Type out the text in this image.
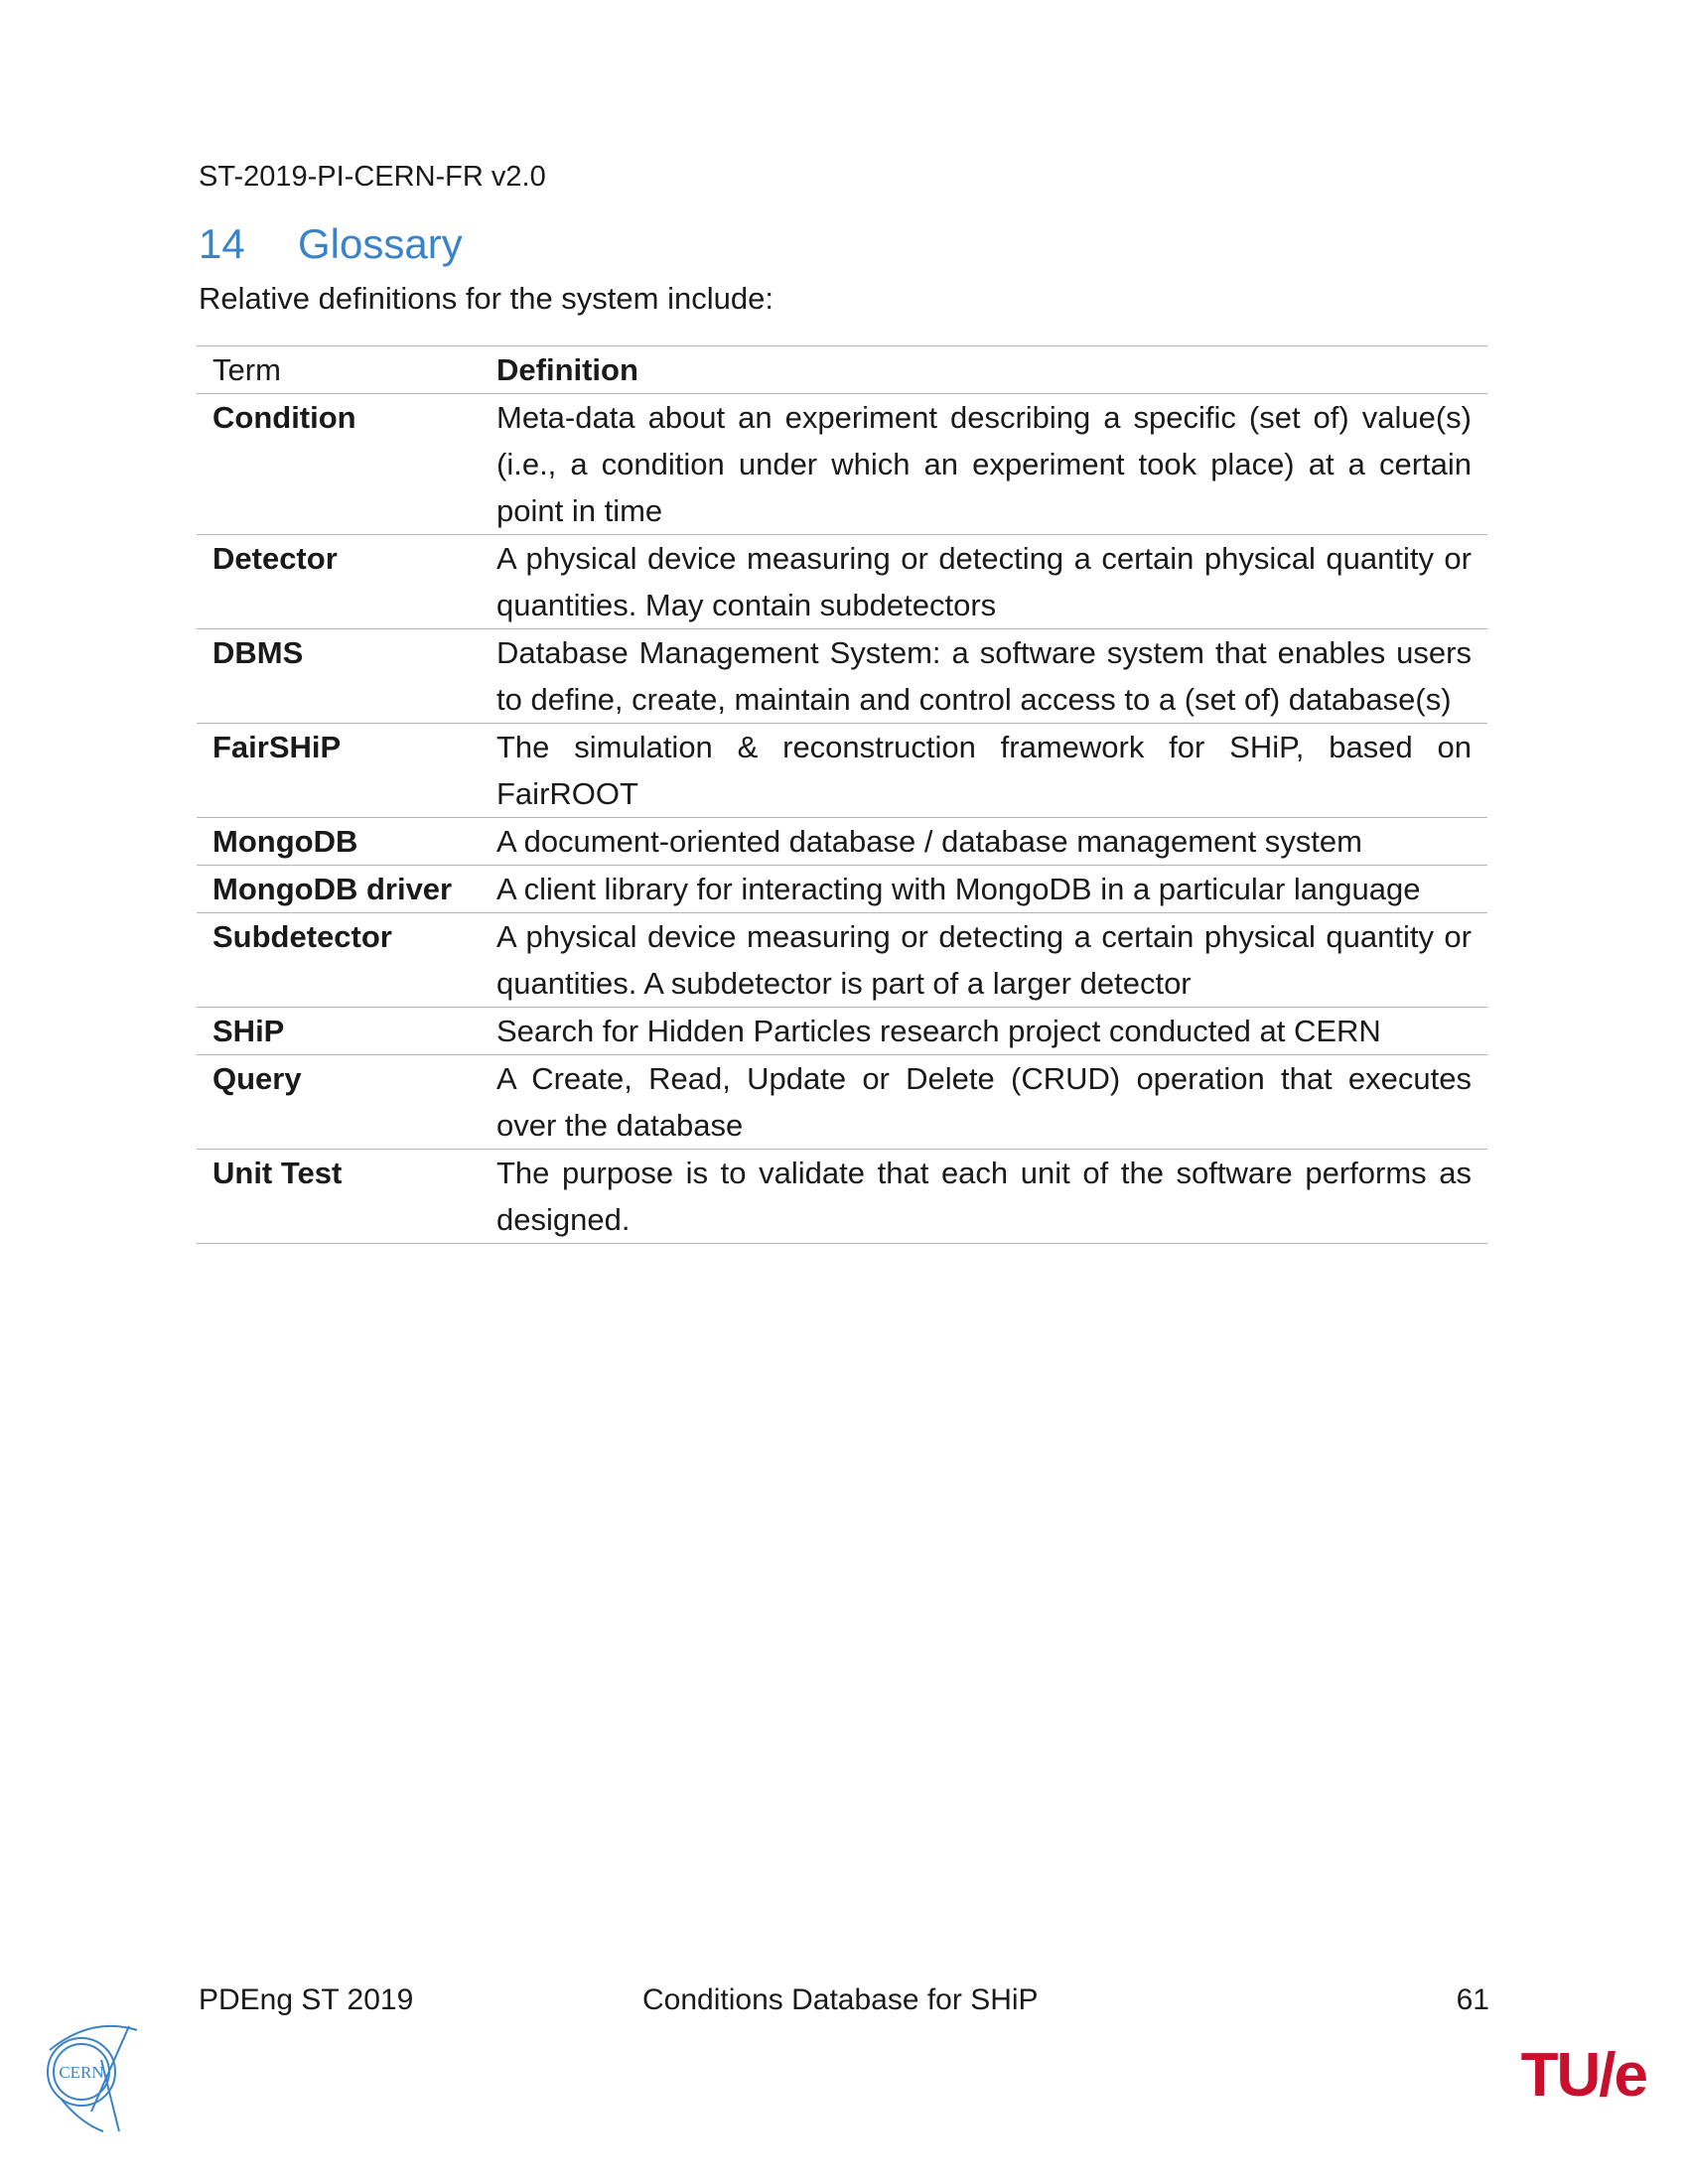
ST-2019-PI-CERN-FR v2.0
14 Glossary
Relative definitions for the system include:
Term	Definition
Condition	Meta-data about an experiment describing a specific (set of) value(s) (i.e., a condition under which an experiment took place) at a certain point in time
Detector	A physical device measuring or detecting a certain physical quantity or quantities. May contain subdetectors
DBMS	Database Management System: a software system that enables users to define, create, maintain and control access to a (set of) database(s)
FairSHiP	The simulation & reconstruction framework for SHiP, based on FairROOT
MongoDB	A document-oriented database / database management system
MongoDB driver	A client library for interacting with MongoDB in a particular language
Subdetector	A physical device measuring or detecting a certain physical quantity or quantities. A subdetector is part of a larger detector
SHiP	Search for Hidden Particles research project conducted at CERN
Query	A Create, Read, Update or Delete (CRUD) operation that executes over the database
Unit Test	The purpose is to validate that each unit of the software performs as designed.
PDEng ST 2019	Conditions Database for SHiP	61
CERN	TU/e
